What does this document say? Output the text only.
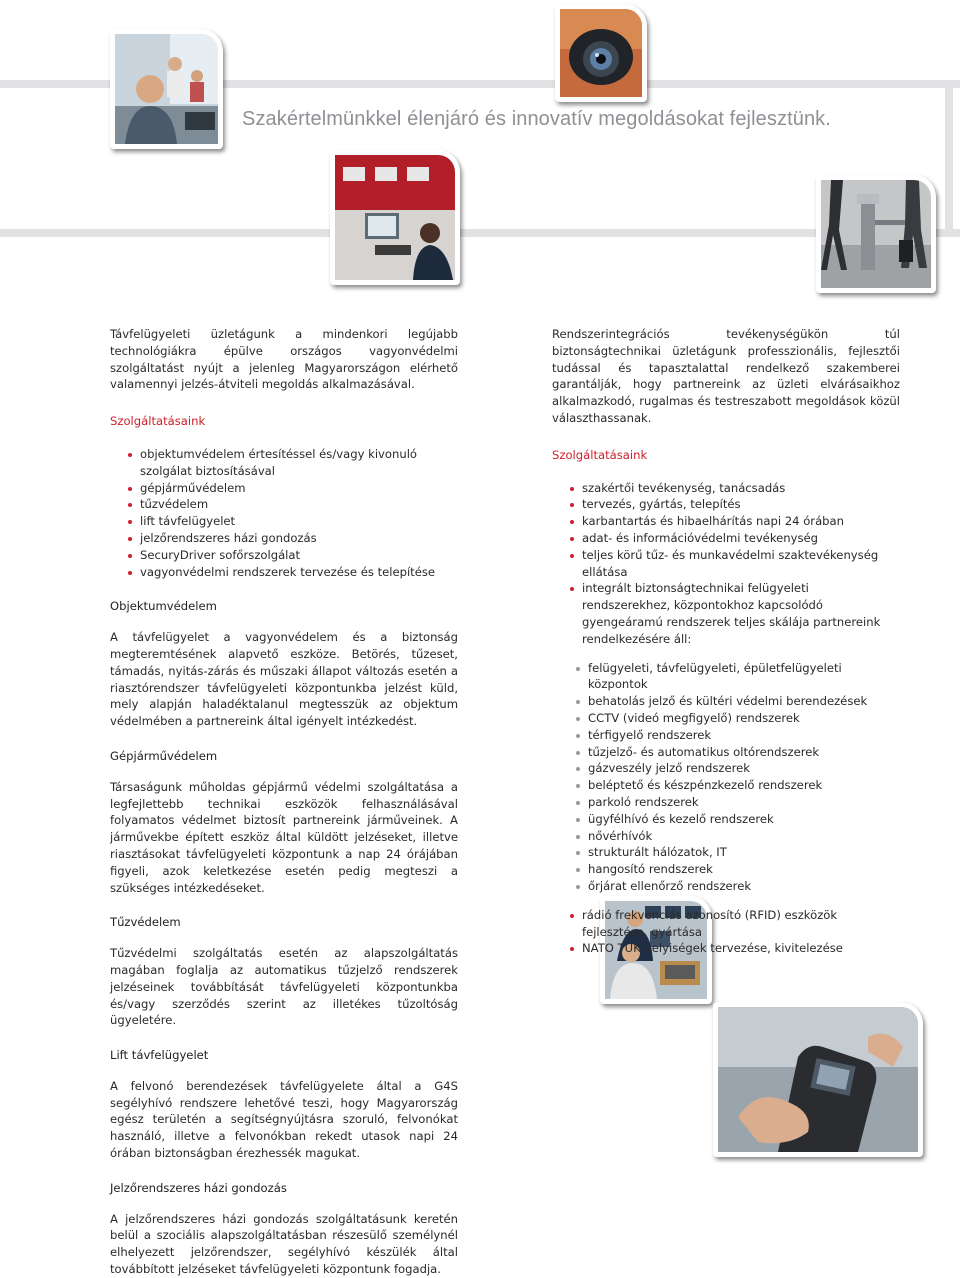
Szakértelmünkkel élenjáró és innovatív megoldásokat fejlesztünk.

Távfelügyeleti üzletágunk a mindenkori legújabb technológiákra épülve országos vagyonvédelmi szolgáltatást nyújt a jelenleg Magyarországon elérhető valamennyi jelzés-átviteli megoldás alkalmazásával.

Szolgáltatásaink
objektumvédelem értesítéssel és/vagy kivonuló szolgálat biztosításával
gépjárművédelem
tűzvédelem
lift távfelügyelet
jelzőrendszeres házi gondozás
SecuryDriver sofőrszolgálat
vagyonvédelmi rendszerek tervezése és telepítése
Objektumvédelem

A távfelügyelet a vagyonvédelem és a biztonság megteremtésének alapvető eszköze. Betörés, tűzeset, támadás, nyitás-zárás és műszaki állapot változás esetén a riasztórendszer távfelügyeleti központunkba jelzést küld, mely alapján haladéktalanul megtesszük az objektum védelmében a partnereink által igényelt intézkedést.

Gépjárművédelem

Társaságunk műholdas gépjármű védelmi szolgáltatása a legfejlettebb technikai eszközök felhasználásával folyamatos védelmet biztosít partnereink járműveinek. A járművekbe épített eszköz által küldött jelzéseket, illetve riasztásokat távfelügyeleti központunk a nap 24 órájában figyeli, azok keletkezése esetén pedig megteszi a szükséges intézkedéseket.

Tűzvédelem

Tűzvédelmi szolgáltatás esetén az alapszolgáltatás magában foglalja az automatikus tűzjelző rendszerek jelzéseinek továbbítását távfelügyeleti központunkba és/vagy szerződés szerint az illetékes tűzoltóság ügyeletére.

Lift távfelügyelet

A felvonó berendezések távfelügyelete által a G4S segélyhívó rendszere lehetővé teszi, hogy Magyarország egész területén a segítségnyújtásra szoruló, felvonókat használó, illetve a felvonókban rekedt utasok napi 24 órában biztonságban érezhessék magukat.

Jelzőrendszeres házi gondozás

A jelzőrendszeres házi gondozás szolgáltatásunk keretén belül a szociális alapszolgáltatásban részesülő személynél elhelyezett jelzőrendszer, segélyhívó készülék által továbbított jelzéseket távfelügyeleti központunk fogadja.

Rendszerintegrációs tevékenységükön túl biztonságtechnikai üzletágunk professzionális, fejlesztői tudással és tapasztalattal rendelkező szakemberei garantálják, hogy partnereink az üzleti elvárásaikhoz alkalmazkodó, rugalmas és testreszabott megoldások közül választhassanak.

Szolgáltatásaink
szakértői tevékenység, tanácsadás
tervezés, gyártás, telepítés
karbantartás és hibaelhárítás napi 24 órában
adat- és információvédelmi tevékenység
teljes körű tűz- és munkavédelmi szaktevékenység ellátása
integrált biztonságtechnikai felügyeleti rendszerekhez, központokhoz kapcsolódó gyengeáramú rendszerek teljes skálája partnereink rendelkezésére áll:
felügyeleti, távfelügyeleti, épületfelügyeleti központok
behatolás jelző és kültéri védelmi berendezések
CCTV (videó megfigyelő) rendszerek
térfigyelő rendszerek
tűzjelző- és automatikus oltórendszerek
gázveszély jelző rendszerek
beléptető és készpénzkezelő rendszerek
parkoló rendszerek
ügyfélhívó és kezelő rendszerek
nővérhívók
strukturált hálózatok, IT
hangosító rendszerek
őrjárat ellenőrző rendszerek
rádió frekvenciás azonosító (RFID) eszközök fejlesztése, gyártása
NATO TÜK helyiségek tervezése, kivitelezése
